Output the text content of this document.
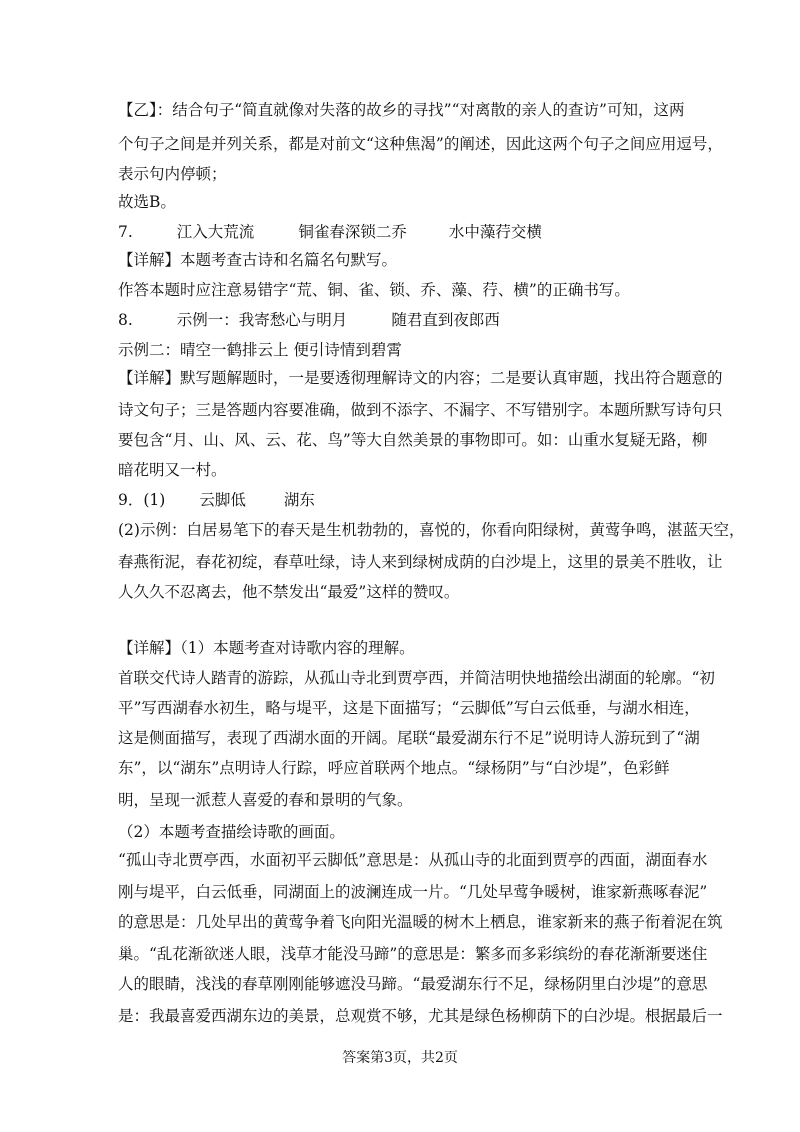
【乙】：结合句子“简直就像对失落的故乡的寻找”“对离散的亲人的查访”可知，这两
个句子之间是并列关系，都是对前文“这种焦渴”的阐述，因此这两个句子之间应用逗号，
表示句内停顿；
故选B。
7.	江入大荒流	铜雀春深锁二乔	水中藻荇交横
【详解】本题考查古诗和名篇名句默写。
作答本题时应注意易错字“荒、铜、雀、锁、乔、藻、荇、横”的正确书写。
8.	示例一：我寄愁心与明月	随君直到夜郎西
示例二：晴空一鹤排云上 便引诗情到碧霄
【详解】默写题解题时，一是要透彻理解诗文的内容；二是要认真审题，找出符合题意的
诗文句子；三是答题内容要准确，做到不添字、不漏字、不写错别字。本题所默写诗句只
要包含“月、山、风、云、花、鸟”等大自然美景的事物即可。如：山重水复疑无路，柳
暗花明又一村。
9．(1) 云脚低 湖东
(2)示例：白居易笔下的春天是生机勃勃的，喜悦的，你看向阳绿树，黄莺争鸣，湛蓝天空，
春燕衔泥，春花初绽，春草吐绿，诗人来到绿树成荫的白沙堤上，这里的景美不胜收，让
人久久不忍离去，他不禁发出“最爱”这样的赞叹。
【详解】（1）本题考查对诗歌内容的理解。
首联交代诗人踏青的游踪，从孤山寺北到贾亭西，并简洁明快地描绘出湖面的轮廓。“初
平”写西湖春水初生，略与堤平，这是下面描写；“云脚低”写白云低垂，与湖水相连，
这是侧面描写，表现了西湖水面的开阔。尾联“最爱湖东行不足”说明诗人游玩到了“湖
东”，以“湖东”点明诗人行踪，呼应首联两个地点。“绿杨阴”与“白沙堤”，色彩鲜
明，呈现一派惹人喜爱的春和景明的气象。
（2）本题考查描绘诗歌的画面。
“孤山寺北贾亭西，水面初平云脚低”意思是：从孤山寺的北面到贾亭的西面，湖面春水
刚与堤平，白云低垂，同湖面上的波澜连成一片。“几处早莺争暖树，谁家新燕啄春泥”
的意思是：几处早出的黄莺争着飞向阳光温暖的树木上栖息，谁家新来的燕子衔着泥在筑
巢。“乱花渐欲迷人眼，浅草才能没马蹄”的意思是：繁多而多彩缤纷的春花渐渐要迷住
人的眼睛，浅浅的春草刚刚能够遮没马蹄。“最爱湖东行不足，绿杨阴里白沙堤”的意思
是：我最喜爱西湖东边的美景，总观赏不够，尤其是绿色杨柳荫下的白沙堤。根据最后一
答案第3页，共2页
